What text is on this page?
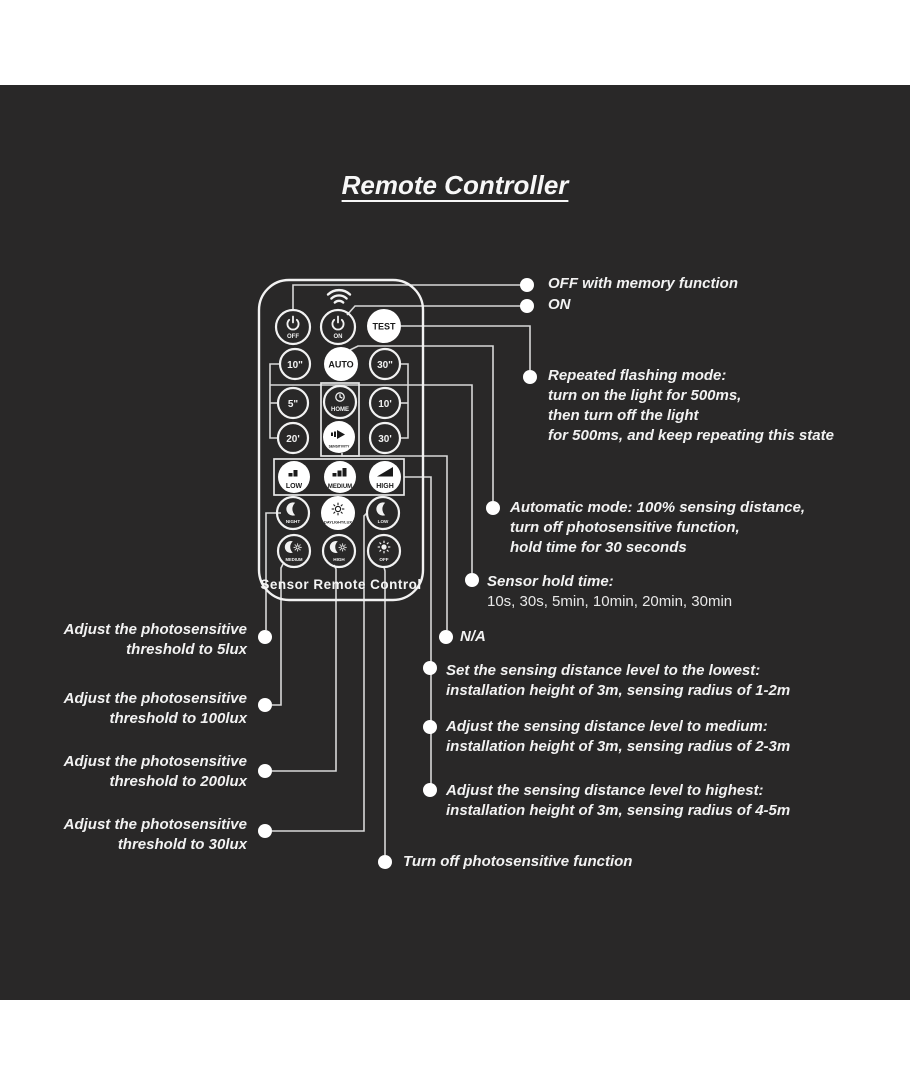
Remote Controller
OFF	ON
TEST
10"	AUTO 30"
5"	HOME	10'
20'
SENSITIVITY
30'
LOW	MEDIUM	HIGH
NIGHT	DAYLIGHT/LUX	LOW
MEDIUM	HIGH	OFF
Sensor Remote Control
OFF with memory function
ON
Repeated flashing mode:
turn on the light for 500ms,
then turn off the light
for 500ms, and keep repeating this state
Automatic mode: 100% sensing distance,
turn off photosensitive function,
hold time for 30 seconds
Sensor hold time:
10s, 30s, 5min, 10min, 20min, 30min
N/A
Set the sensing distance level to the lowest:
installation height of 3m, sensing radius of 1-2m
Adjust the sensing distance level to medium:
installation height of 3m, sensing radius of 2-3m
Adjust the sensing distance level to highest:
installation height of 3m, sensing radius of 4-5m
Turn off photosensitive function
Adjust the photosensitive
threshold to 5lux
Adjust the photosensitive
threshold to 100lux
Adjust the photosensitive
threshold to 200lux
Adjust the photosensitive
threshold to 30lux
